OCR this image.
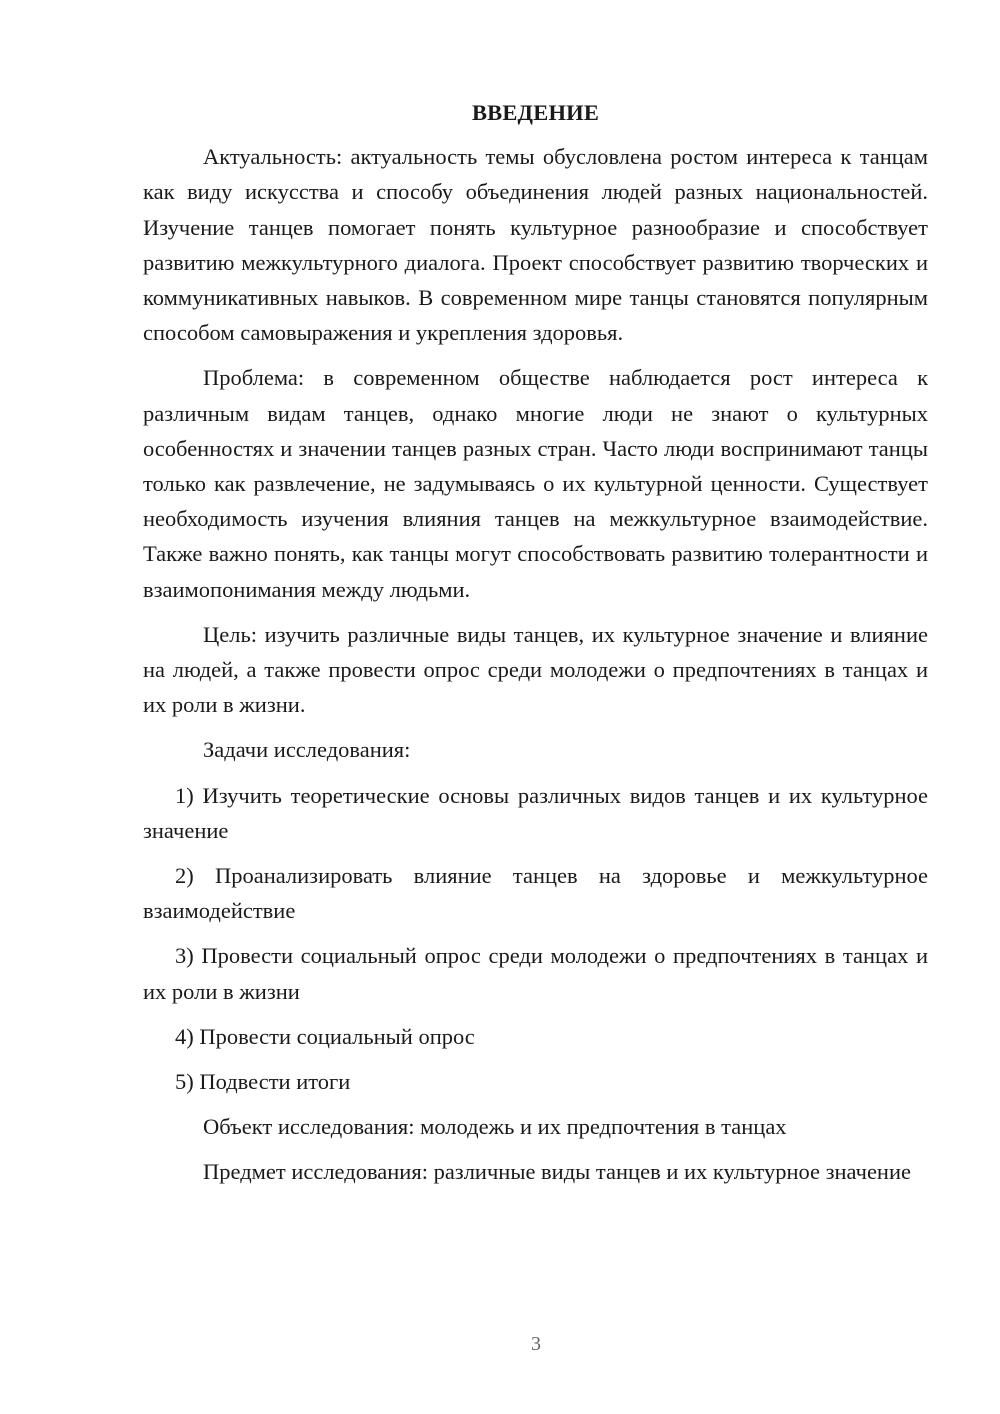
ВВЕДЕНИЕ

Актуальность: актуальность темы обусловлена ростом интереса к танцам как виду искусства и способу объединения людей разных национальностей. Изучение танцев помогает понять культурное разнообразие и способствует развитию межкультурного диалога. Проект способствует развитию творческих и коммуникативных навыков. В современном мире танцы становятся популярным способом самовыражения и укрепления здоровья.

Проблема: в современном обществе наблюдается рост интереса к различным видам танцев, однако многие люди не знают о культурных особенностях и значении танцев разных стран. Часто люди воспринимают танцы только как развлечение, не задумываясь о их культурной ценности. Существует необходимость изучения влияния танцев на межкультурное взаимодействие. Также важно понять, как танцы могут способствовать развитию толерантности и взаимопонимания между людьми.

Цель: изучить различные виды танцев, их культурное значение и влияние на людей, а также провести опрос среди молодежи о предпочтениях в танцах и их роли в жизни.

Задачи исследования:

1) Изучить теоретические основы различных видов танцев и их культурное значение

2) Проанализировать влияние танцев на здоровье и межкультурное взаимодействие

3) Провести социальный опрос среди молодежи о предпочтениях в танцах и их роли в жизни

4) Провести социальный опрос

5) Подвести итоги

Объект исследования: молодежь и их предпочтения в танцах

Предмет исследования: различные виды танцев и их культурное значение

3
